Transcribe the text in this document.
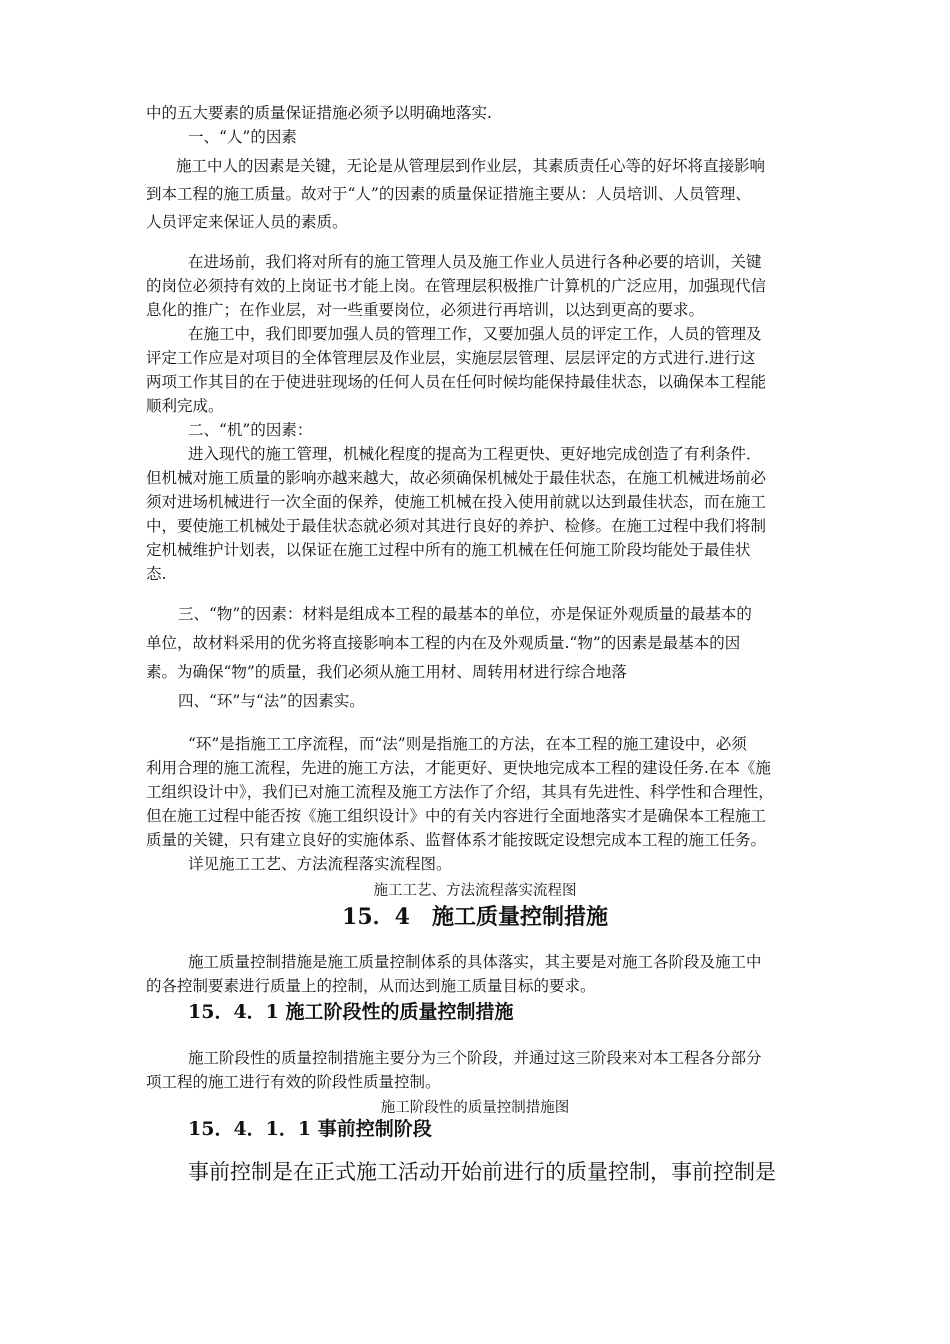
中的五大要素的质量保证措施必须予以明确地落实.
一、“人”的因素
施工中人的因素是关键，无论是从管理层到作业层，其素质责任心等的好坏将直接影响
到本工程的施工质量。故对于“人”的因素的质量保证措施主要从：人员培训、人员管理、
人员评定来保证人员的素质。
在进场前，我们将对所有的施工管理人员及施工作业人员进行各种必要的培训，关键
的岗位必须持有效的上岗证书才能上岗。在管理层积极推广计算机的广泛应用，加强现代信
息化的推广；在作业层，对一些重要岗位，必须进行再培训，以达到更高的要求。
在施工中，我们即要加强人员的管理工作，又要加强人员的评定工作，人员的管理及
评定工作应是对项目的全体管理层及作业层，实施层层管理、层层评定的方式进行.进行这
两项工作其目的在于使进驻现场的任何人员在任何时候均能保持最佳状态，以确保本工程能
顺利完成。
二、“机”的因素：
进入现代的施工管理，机械化程度的提高为工程更快、更好地完成创造了有利条件．
但机械对施工质量的影响亦越来越大，故必须确保机械处于最佳状态，在施工机械进场前必
须对进场机械进行一次全面的保养，使施工机械在投入使用前就以达到最佳状态，而在施工
中，要使施工机械处于最佳状态就必须对其进行良好的养护、检修。在施工过程中我们将制
定机械维护计划表，以保证在施工过程中所有的施工机械在任何施工阶段均能处于最佳状
态.
三、“物”的因素：材料是组成本工程的最基本的单位，亦是保证外观质量的最基本的
单位，故材料采用的优劣将直接影响本工程的内在及外观质量.“物”的因素是最基本的因
素。为确保“物”的质量，我们必须从施工用材、周转用材进行综合地落
四、“环”与“法”的因素实。
“环”是指施工工序流程，而“法”则是指施工的方法，在本工程的施工建设中，必须
利用合理的施工流程，先进的施工方法，才能更好、更快地完成本工程的建设任务.在本《施
工组织设计中》，我们已对施工流程及施工方法作了介绍，其具有先进性、科学性和合理性，
但在施工过程中能否按《施工组织设计》中的有关内容进行全面地落实才是确保本工程施工
质量的关键，只有建立良好的实施体系、监督体系才能按既定设想完成本工程的施工任务。
详见施工工艺、方法流程落实流程图。
施工质量控制措施是施工质量控制体系的具体落实，其主要是对施工各阶段及施工中
的各控制要素进行质量上的控制，从而达到施工质量目标的要求。
施工阶段性的质量控制措施主要分为三个阶段，并通过这三阶段来对本工程各分部分
项工程的施工进行有效的阶段性质量控制。
施工工艺、方法流程落实流程图
施工阶段性的质量控制措施图
15．4　施工质量控制措施
15．4．1 施工阶段性的质量控制措施
15．4．1．1 事前控制阶段
事前控制是在正式施工活动开始前进行的质量控制，事前控制是
